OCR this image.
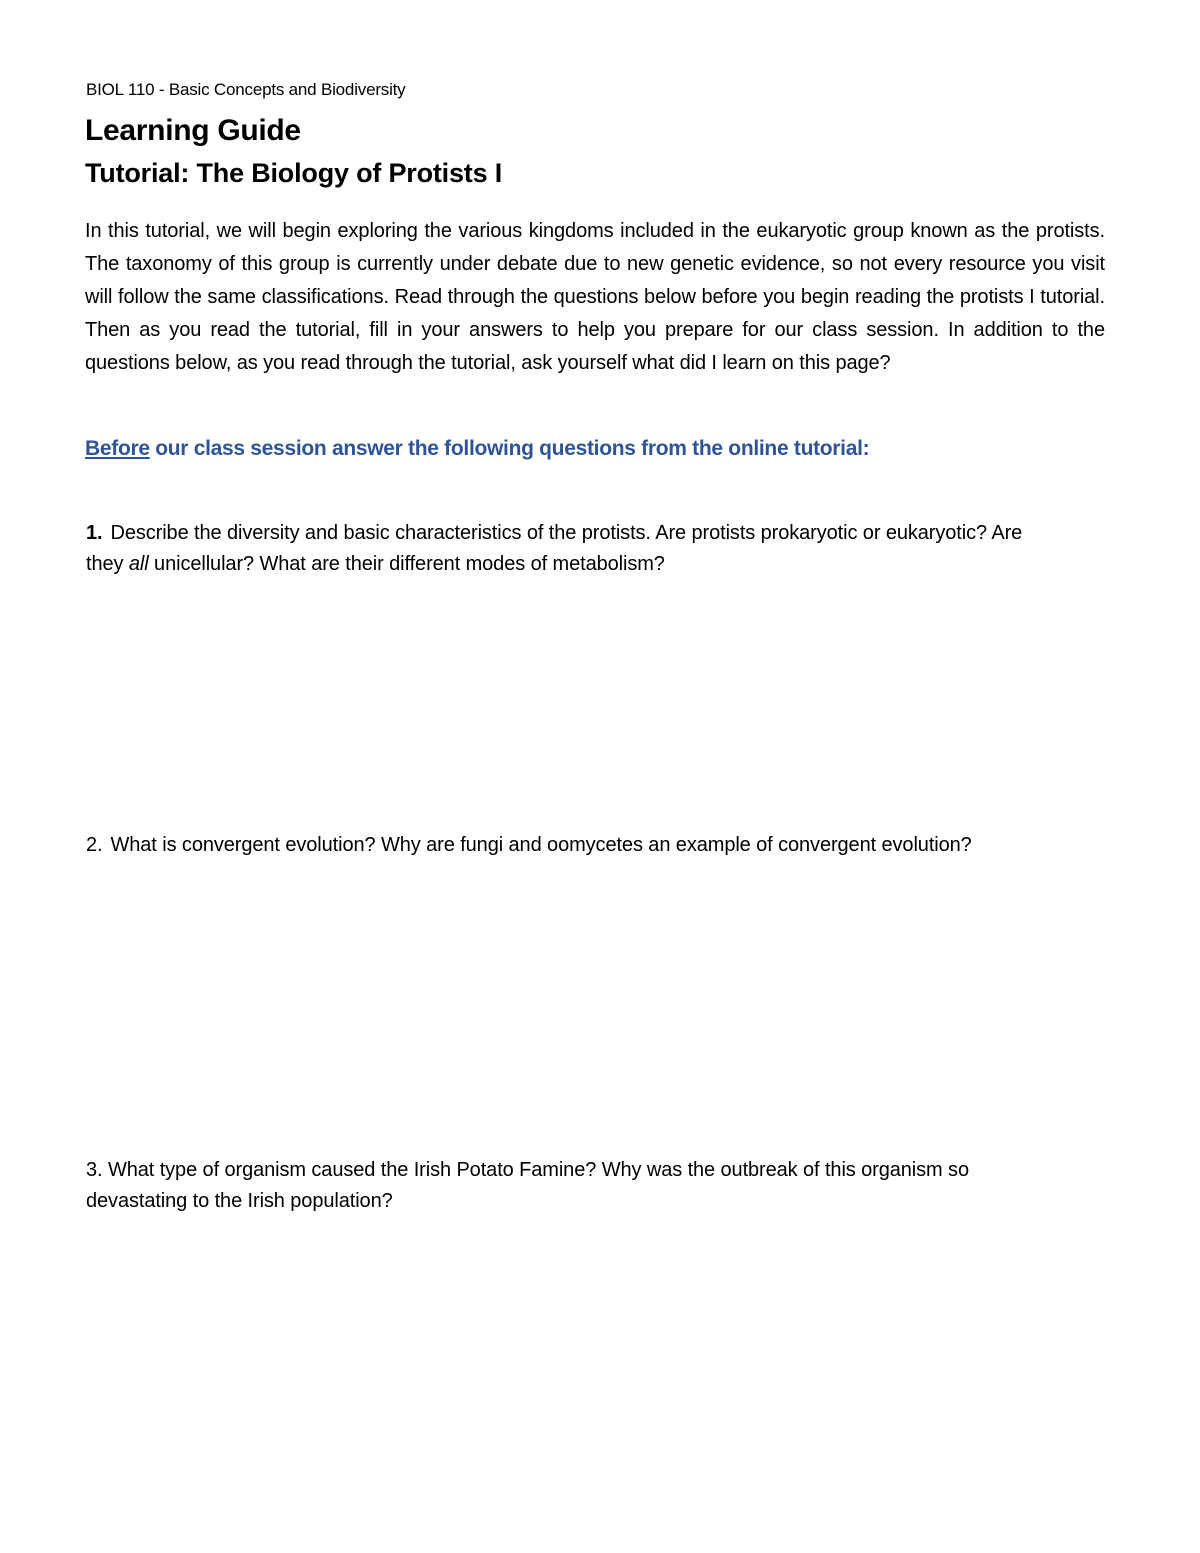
BIOL 110 - Basic Concepts and Biodiversity
Learning Guide
Tutorial: The Biology of Protists I

In this tutorial, we will begin exploring the various kingdoms included in the eukaryotic group known as the protists. The taxonomy of this group is currently under debate due to new genetic evidence, so not every resource you visit will follow the same classifications. Read through the questions below before you begin reading the protists I tutorial. Then as you read the tutorial, fill in your answers to help you prepare for our class session. In addition to the questions below, as you read through the tutorial, ask yourself what did I learn on this page?

Before our class session answer the following questions from the online tutorial:

1. Describe the diversity and basic characteristics of the protists. Are protists prokaryotic or eukaryotic? Are
they all unicellular? What are their different modes of metabolism?

2. What is convergent evolution? Why are fungi and oomycetes an example of convergent evolution?

3. What type of organism caused the Irish Potato Famine? Why was the outbreak of this organism so
devastating to the Irish population?
